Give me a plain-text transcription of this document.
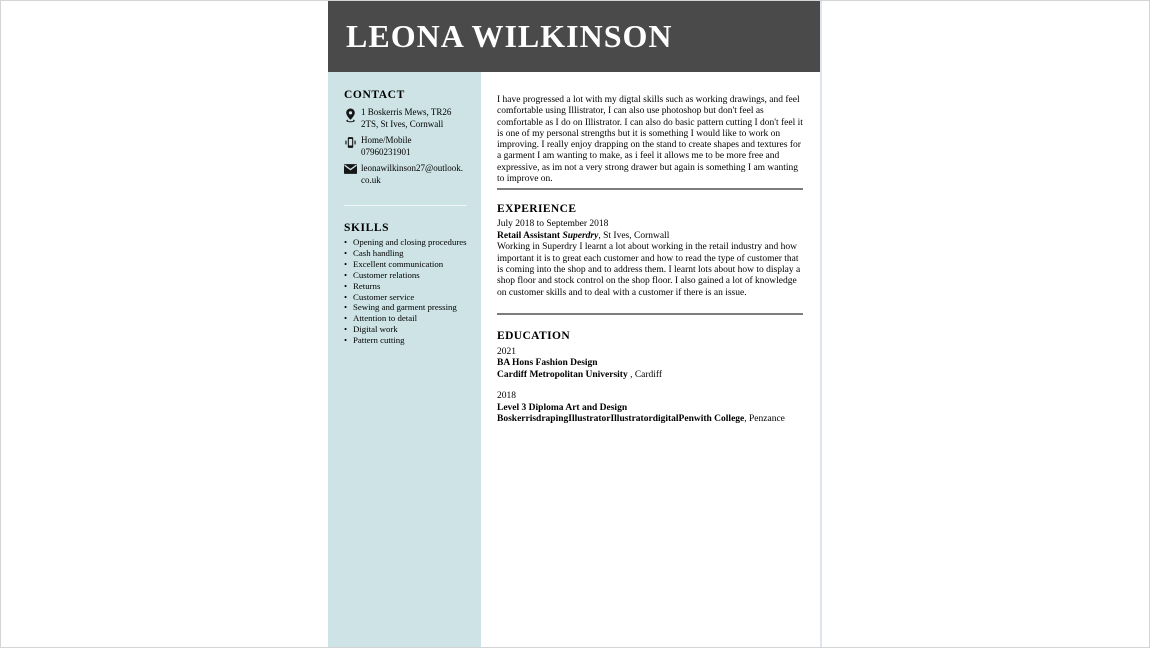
LEONA WILKINSON
CONTACT
1 Boskerris Mews, TR26 2TS, St Ives, Cornwall
Home/Mobile
07960231901
leonawilkinson27@outlook.co.uk
SKILLS
• Opening and closing procedures
• Cash handling
• Excellent communication
• Customer relations
• Returns
• Customer service
• Sewing and garment pressing
• Attention to detail
• Digital work
• Pattern cutting

I have progressed a lot with my digtal skills such as working drawings, and feel comfortable using Illistrator, I can also use photoshop but don't feel as comfortable as I do on Illistrator. I can also do basic pattern cutting I don't feel it is one of my personal strengths but it is something I would like to work on improving. I really enjoy drapping on the stand to create shapes and textures for a garment I am wanting to make, as i feel it allows me to be more free and expressive, as im not a very strong drawer but again is something I am wanting to improve on.

EXPERIENCE
July 2018 to September 2018
Retail Assistant Superdry, St Ives, Cornwall

Working in Superdry I learnt a lot about working in the retail industry and how important it is to great each customer and how to read the type of customer that is coming into the shop and to address them. I learnt lots about how to display a shop floor and stock control on the shop floor. I also gained a lot of knowledge on customer skills and to deal with a customer if there is an issue.

EDUCATION
2021
BA Hons Fashion Design
Cardiff Metropolitan University , Cardiff
2018
Level 3 Diploma Art and Design
BoskerrisdrapingIllustratorIllustratordigitalPenwith College, Penzance
